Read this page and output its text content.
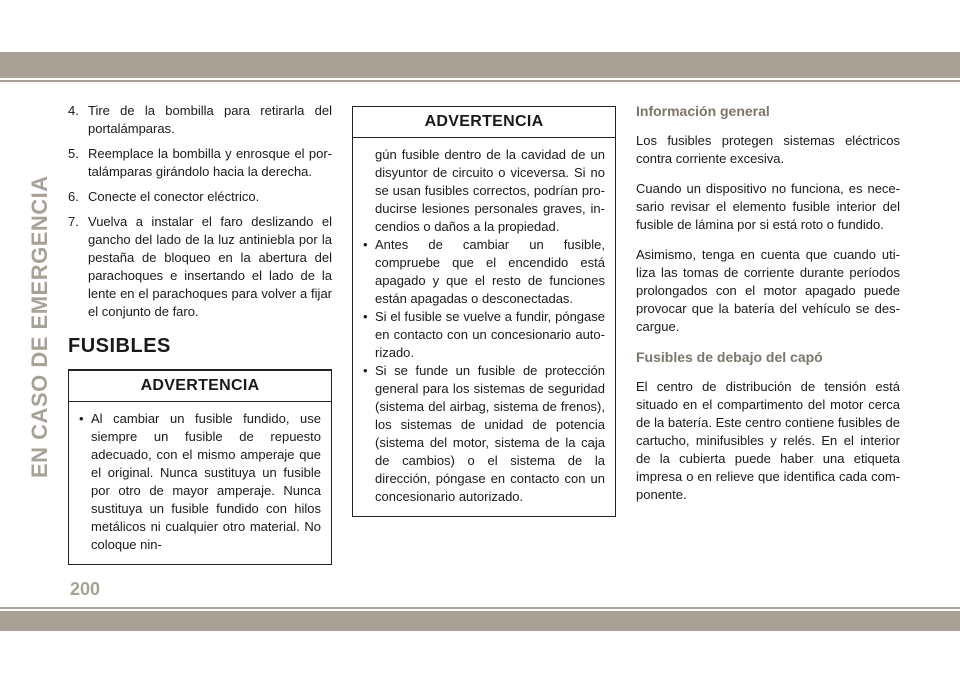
EN CASO DE EMERGENCIA
4. Tire de la bombilla para retirarla del portalámparas.
5. Reemplace la bombilla y enrosque el portalámparas girándolo hacia la derecha.
6. Conecte el conector eléctrico.
7. Vuelva a instalar el faro deslizando el gancho del lado de la luz antiniebla por la pestaña de bloqueo en la abertura del parachoques e insertando el lado de la lente en el parachoques para volver a fijar el conjunto de faro.
FUSIBLES
ADVERTENCIA
• Al cambiar un fusible fundido, use siempre un fusible de repuesto adecuado, con el mismo amperaje que el original. Nunca sustituya un fusible por otro de mayor amperaje. Nunca sustituya un fusible fundido con hilos metálicos ni cualquier otro material. No coloque nin-
ADVERTENCIA
gún fusible dentro de la cavidad de un disyuntor de circuito o viceversa. Si no se usan fusibles correctos, podrían producirse lesiones personales graves, incendios o daños a la propiedad.
• Antes de cambiar un fusible, compruebe que el encendido está apagado y que el resto de funciones están apagadas o desconectadas.
• Si el fusible se vuelve a fundir, póngase en contacto con un concesionario autorizado.
• Si se funde un fusible de protección general para los sistemas de seguridad (sistema del airbag, sistema de frenos), los sistemas de unidad de potencia (sistema del motor, sistema de la caja de cambios) o el sistema de la dirección, póngase en contacto con un concesionario autorizado.
Información general

Los fusibles protegen sistemas eléctricos contra corriente excesiva.

Cuando un dispositivo no funciona, es necesario revisar el elemento fusible interior del fusible de lámina por si está roto o fundido.

Asimismo, tenga en cuenta que cuando utiliza las tomas de corriente durante períodos prolongados con el motor apagado puede provocar que la batería del vehículo se descargue.

Fusibles de debajo del capó

El centro de distribución de tensión está situado en el compartimento del motor cerca de la batería. Este centro contiene fusibles de cartucho, minifusibles y relés. En el interior de la cubierta puede haber una etiqueta impresa o en relieve que identifica cada componente.

200
